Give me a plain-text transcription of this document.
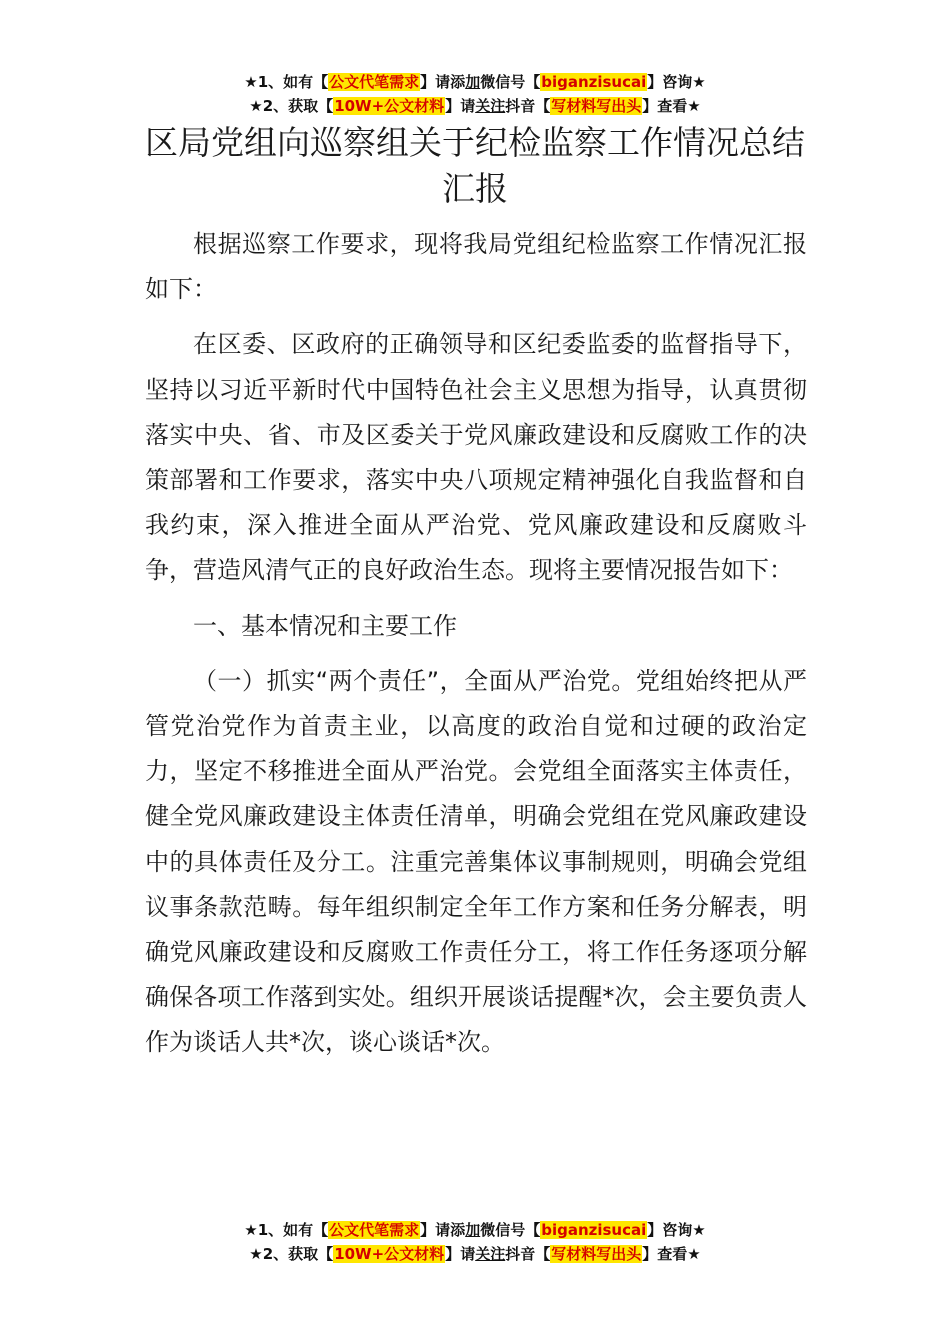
★1、如有【公文代笔需求】请添加微信号【biganzisucai】咨询★
★2、获取【10W+公文材料】请关注抖音【写材料写出头】查看★
区局党组向巡察组关于纪检监察工作情况总结汇报

根据巡察工作要求，现将我局党组纪检监察工作情况汇报如下：

在区委、区政府的正确领导和区纪委监委的监督指导下，坚持以习近平新时代中国特色社会主义思想为指导，认真贯彻落实中央、省、市及区委关于党风廉政建设和反腐败工作的决策部署和工作要求，落实中央八项规定精神强化自我监督和自我约束，深入推进全面从严治党、党风廉政建设和反腐败斗争，营造风清气正的良好政治生态。现将主要情况报告如下：

一、基本情况和主要工作

（一）抓实“两个责任”，全面从严治党。党组始终把从严管党治党作为首责主业，以高度的政治自觉和过硬的政治定力，坚定不移推进全面从严治党。会党组全面落实主体责任，健全党风廉政建设主体责任清单，明确会党组在党风廉政建设中的具体责任及分工。注重完善集体议事制规则，明确会党组议事条款范畴。每年组织制定全年工作方案和任务分解表，明确党风廉政建设和反腐败工作责任分工，将工作任务逐项分解确保各项工作落到实处。组织开展谈话提醒*次，会主要负责人作为谈话人共*次，谈心谈话*次。

★1、如有【公文代笔需求】请添加微信号【biganzisucai】咨询★
★2、获取【10W+公文材料】请关注抖音【写材料写出头】查看★
